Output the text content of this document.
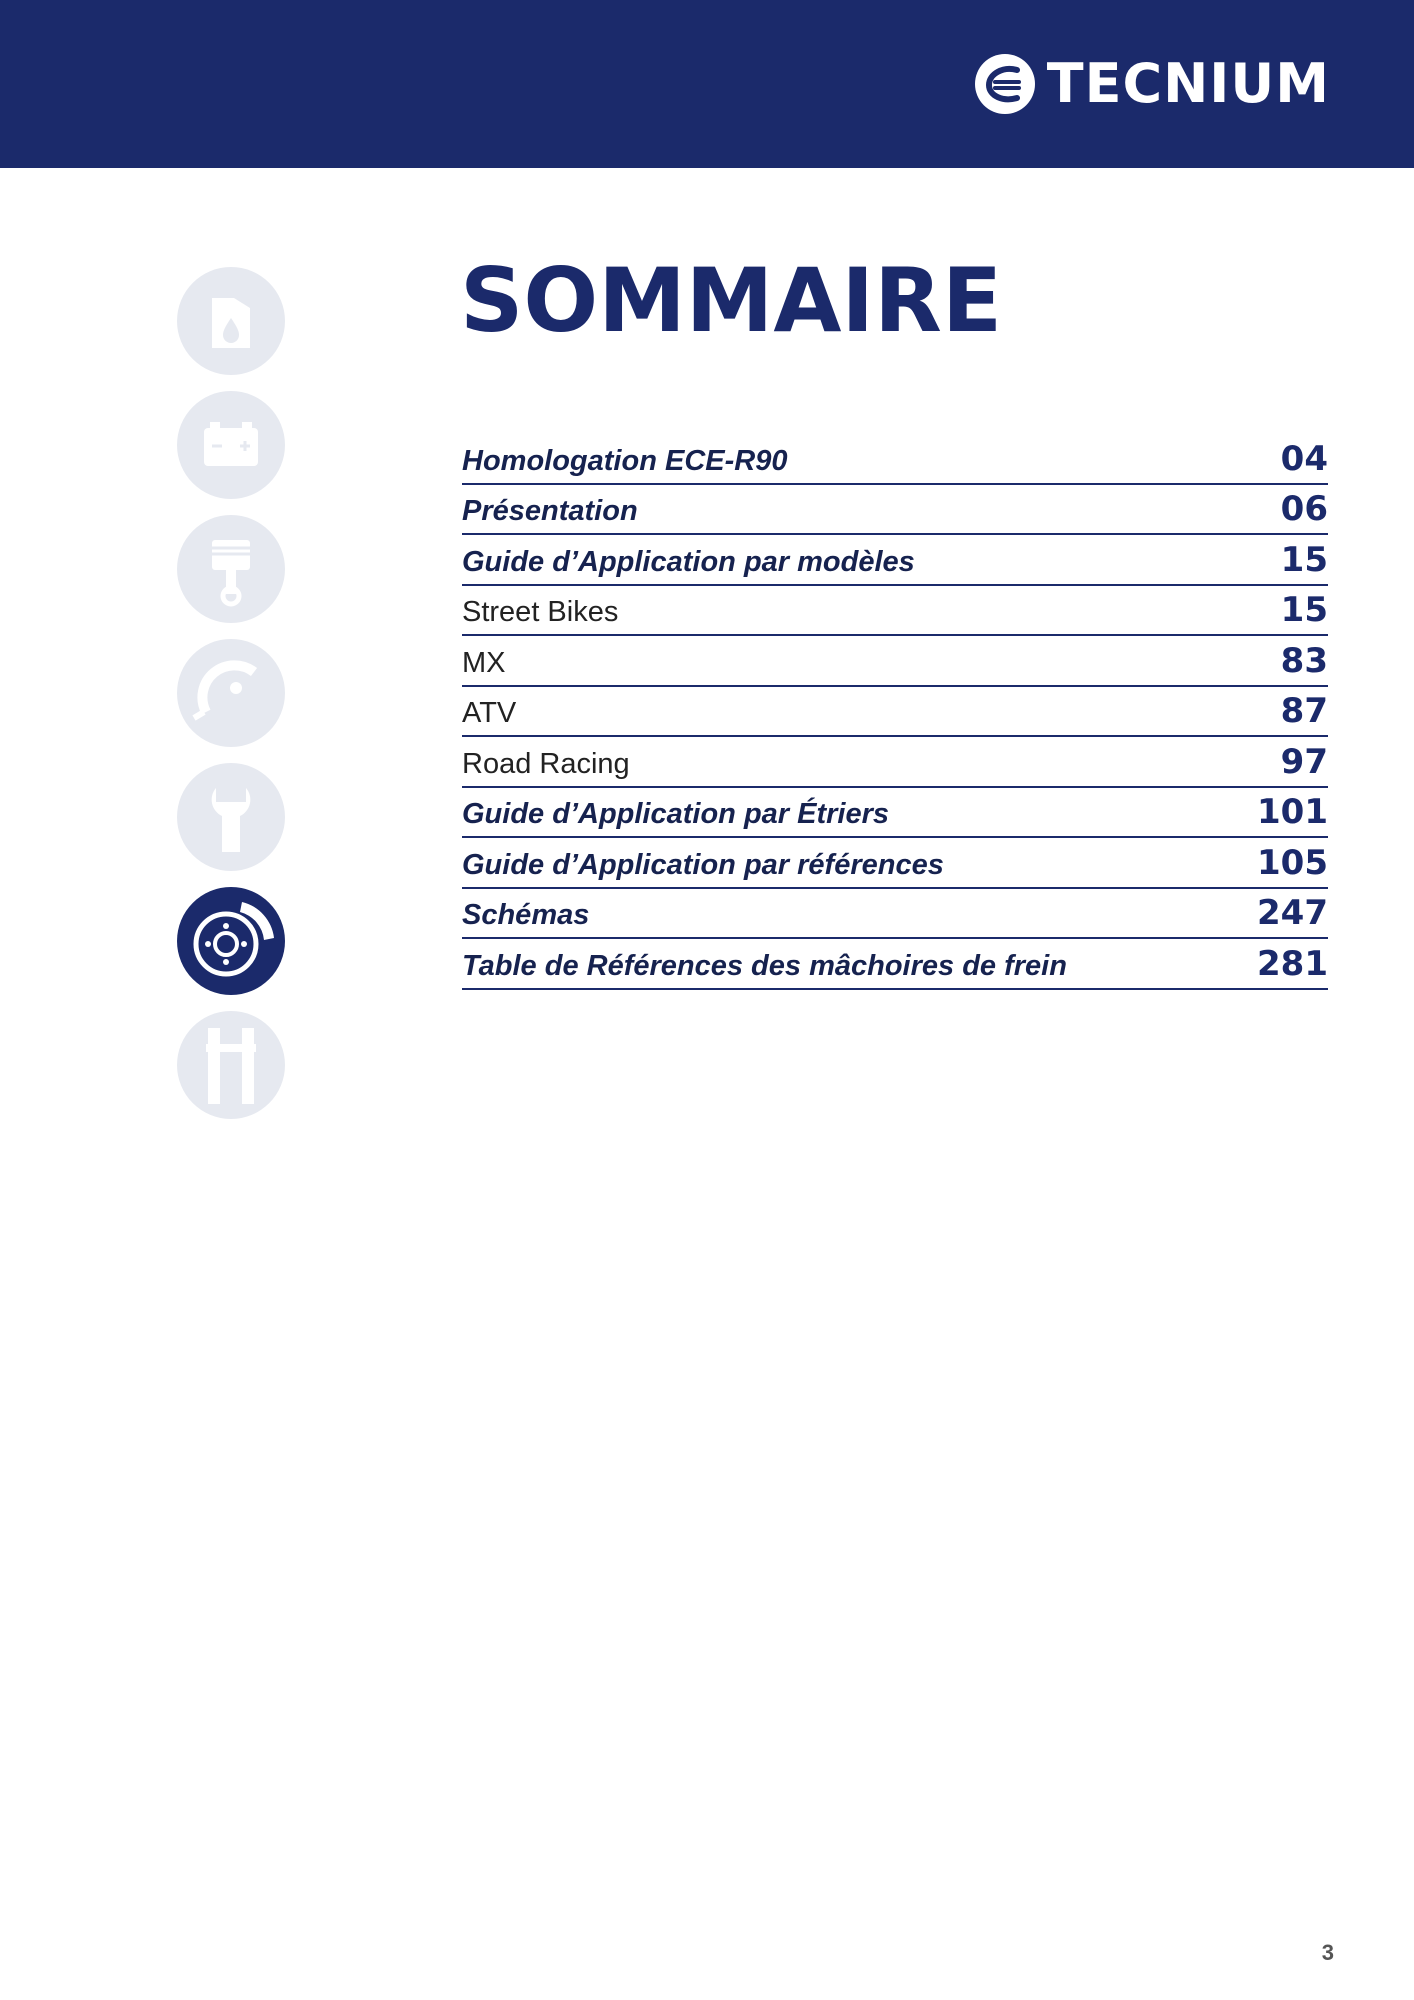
TECNIUM
SOMMAIRE
Homologation ECE-R90	04
Présentation	06
Guide d’Application par modèles	15
Street Bikes	15
MX	83
ATV	87
Road Racing	97
Guide d’Application par Étriers	101
Guide d’Application par références	105
Schémas	247
Table de Références des mâchoires de frein	281
3
